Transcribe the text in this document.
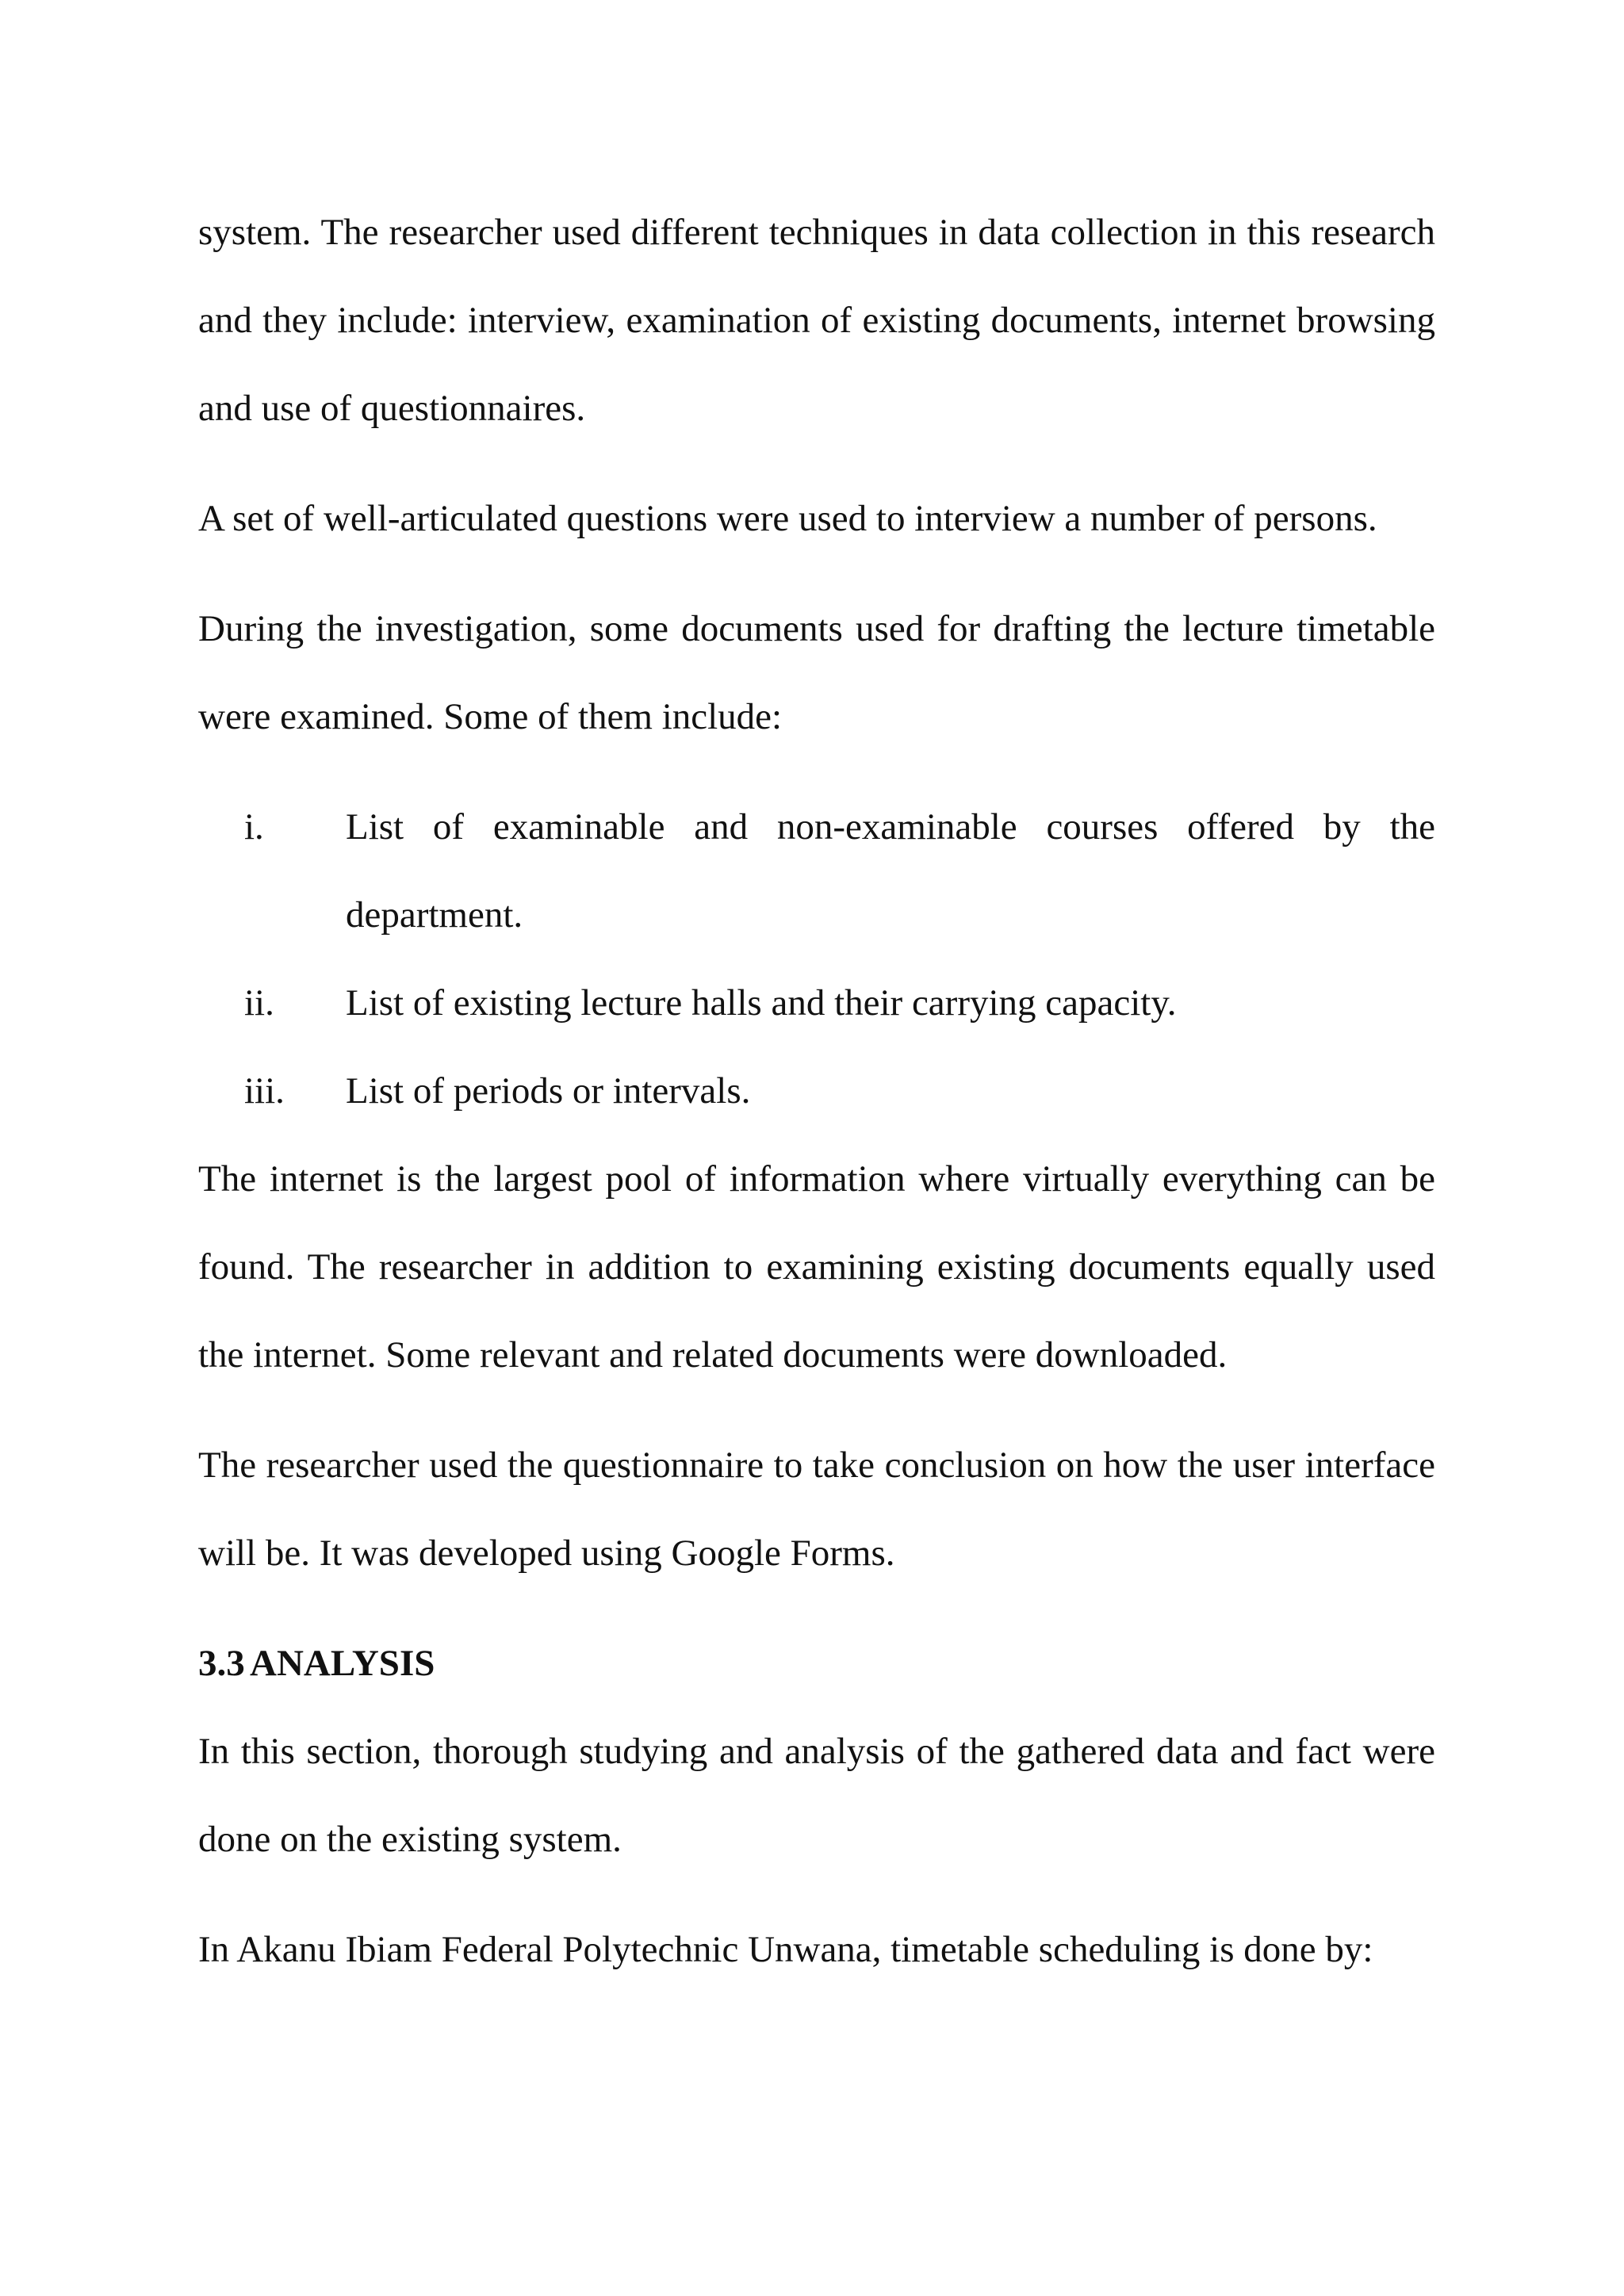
system. The researcher used different techniques in data collection in this research and they include: interview, examination of existing documents, internet browsing and use of questionnaires.

A set of well-articulated questions were used to interview a number of persons.

During the investigation, some documents used for drafting the lecture timetable were examined. Some of them include:

i. List of examinable and non-examinable courses offered by the department.
ii. List of existing lecture halls and their carrying capacity.
iii. List of periods or intervals.

The internet is the largest pool of information where virtually everything can be found. The researcher in addition to examining existing documents equally used the internet. Some relevant and related documents were downloaded.

The researcher used the questionnaire to take conclusion on how the user interface will be. It was developed using Google Forms.

3.3 ANALYSIS

In this section, thorough studying and analysis of the gathered data and fact were done on the existing system.

In Akanu Ibiam Federal Polytechnic Unwana, timetable scheduling is done by:
